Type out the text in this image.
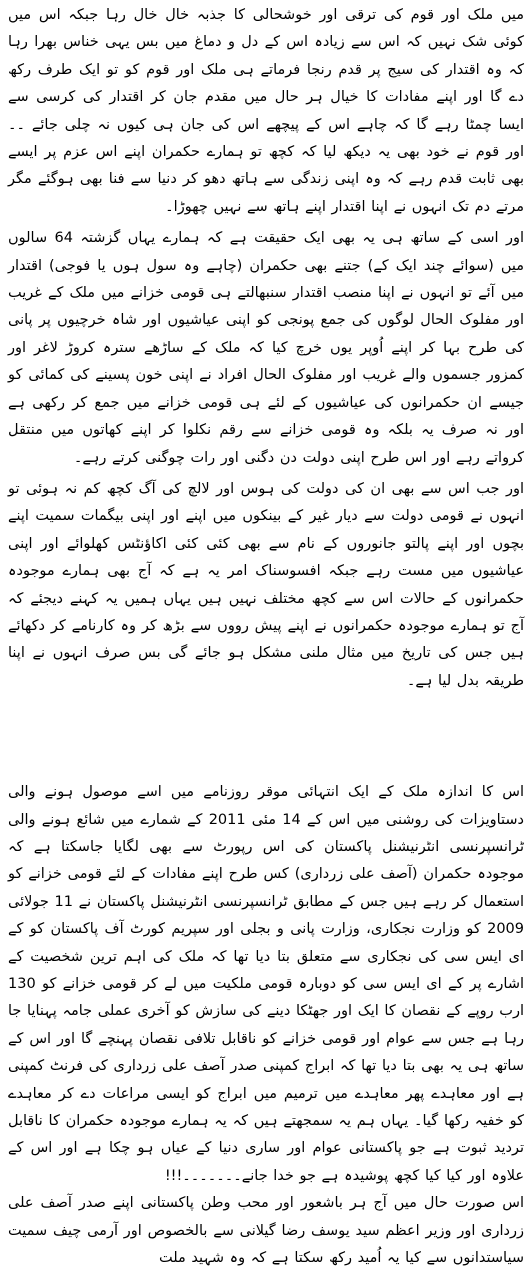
میں ملک اور قوم کی ترقی اور خوشحالی کا جذبہ خال خال رہا جبکہ اس میں کوئی شک نہیں کہ اس سے زیادہ اس کے دل و دماغ میں بس یہی خناس بھرا رہا کہ وہ اقتدار کی سیج پر قدم رنجا فرماتے ہی ملک اور قوم کو تو ایک طرف رکھ دے گا اور اپنے مفادات کا خیال ہر حال میں مقدم جان کر اقتدار کی کرسی سے ایسا چمٹا رہے گا کہ چاہے اس کے پیچھے اس کی جان ہی کیوں نہ چلی جائے ۔۔ اور قوم نے خود بھی یہ دیکھ لیا کہ کچھ تو ہمارے حکمران اپنے اس عزم پر ایسے بھی ثابت قدم رہے کہ وہ اپنی زندگی سے ہاتھ دھو کر دنیا سے فنا بھی ہوگئے مگر مرتے دم تک انہوں نے اپنا اقتدار اپنے ہاتھ سے نہیں چھوڑا۔

اور اسی کے ساتھ ہی یہ بھی ایک حقیقت ہے کہ ہمارے یہاں گزشتہ 64 سالوں میں (سوائے چند ایک کے) جتنے بھی حکمران (چاہے وہ سول ہوں یا فوجی) اقتدار میں آئے تو انہوں نے اپنا منصب اقتدار سنبھالتے ہی قومی خزانے میں ملک کے غریب اور مفلوک الحال لوگوں کی جمع پونجی کو اپنی عیاشیوں اور شاہ خرچیوں پر پانی کی طرح بہا کر اپنے اُوپر یوں خرچ کیا کہ ملک کے ساڑھے سترہ کروڑ لاغر اور کمزور جسموں والے غریب اور مفلوک الحال افراد نے اپنی خون پسینے کی کمائی کو جیسے ان حکمرانوں کی عیاشیوں کے لئے ہی قومی خزانے میں جمع کر رکھی ہے اور نہ صرف یہ بلکہ وہ قومی خزانے سے رقم نکلوا کر اپنے کھاتوں میں منتقل کرواتے رہے اور اس طرح اپنی دولت دن دگنی اور رات چوگنی کرتے رہے۔

اور جب اس سے بھی ان کی دولت کی ہوس اور لالچ کی آگ کچھ کم نہ ہوئی تو انہوں نے قومی دولت سے دیار غیر کے بینکوں میں اپنے اور اپنی بیگمات سمیت اپنے بچوں اور اپنے پالتو جانوروں کے نام سے بھی کئی کئی اکاؤنٹس کھلوائے اور اپنی عیاشیوں میں مست رہے جبکہ افسوسناک امر یہ ہے کہ آج بھی ہمارے موجودہ حکمرانوں کے حالات اس سے کچھ مختلف نہیں ہیں یہاں ہمیں یہ کہنے دیجئے کہ آج تو ہمارے موجودہ حکمرانوں نے اپنے پیش رووں سے بڑھ کر وہ کارنامے کر دکھائے ہیں جس کی تاریخ میں مثال ملنی مشکل ہو جائے گی بس صرف انہوں نے اپنا طریقہ بدل لیا ہے۔

اس کا اندازہ ملک کے ایک انتہائی موقر روزنامے میں اسے موصول ہونے والی دستاویزات کی روشنی میں اس کے 14 مئی 2011 کے شمارے میں شائع ہونے والی ٹرانسپرنسی انٹرنیشنل پاکستان کی اس رپورٹ سے بھی لگایا جاسکتا ہے کہ موجودہ حکمران (آصف علی زرداری) کس طرح اپنے مفادات کے لئے قومی خزانے کو استعمال کر رہے ہیں جس کے مطابق ٹرانسپرنسی انٹرنیشنل پاکستان نے 11 جولائی 2009 کو وزارت نجکاری، وزارت پانی و بجلی اور سپریم کورٹ آف پاکستان کو کے ای ایس سی کی نجکاری سے متعلق بتا دیا تھا کہ ملک کی اہم ترین شخصیت کے اشارے پر کے ای ایس سی کو دوبارہ قومی ملکیت میں لے کر قومی خزانے کو 130 ارب روپے کے نقصان کا ایک اور جھٹکا دینے کی سازش کو آخری عملی جامہ پہنایا جا رہا ہے جس سے عوام اور قومی خزانے کو ناقابل تلافی نقصان پہنچے گا اور اس کے ساتھ ہی یہ بھی بتا دیا تھا کہ ابراج کمپنی صدر آصف علی زرداری کی فرنٹ کمپنی ہے اور معاہدے پھر معاہدے میں ترمیم میں ابراج کو ایسی مراعات دے کر معاہدے کو خفیہ رکھا گیا۔ یہاں ہم یہ سمجھتے ہیں کہ یہ ہمارے موجودہ حکمران کا ناقابل تردید ثبوت ہے جو پاکستانی عوام اور ساری دنیا کے عیاں ہو چکا ہے اور اس کے علاوہ اور کیا کیا کچھ پوشیدہ ہے جو خدا جانے۔۔۔۔۔۔۔!!!

اس صورت حال میں آج ہر باشعور اور محب وطن پاکستانی اپنے صدر آصف علی زرداری اور وزیر اعظم سید یوسف رضا گیلانی سے بالخصوص اور آرمی چیف سمیت سیاستدانوں سے کیا یہ اُمید رکھ سکتا ہے کہ وہ شہید ملت
